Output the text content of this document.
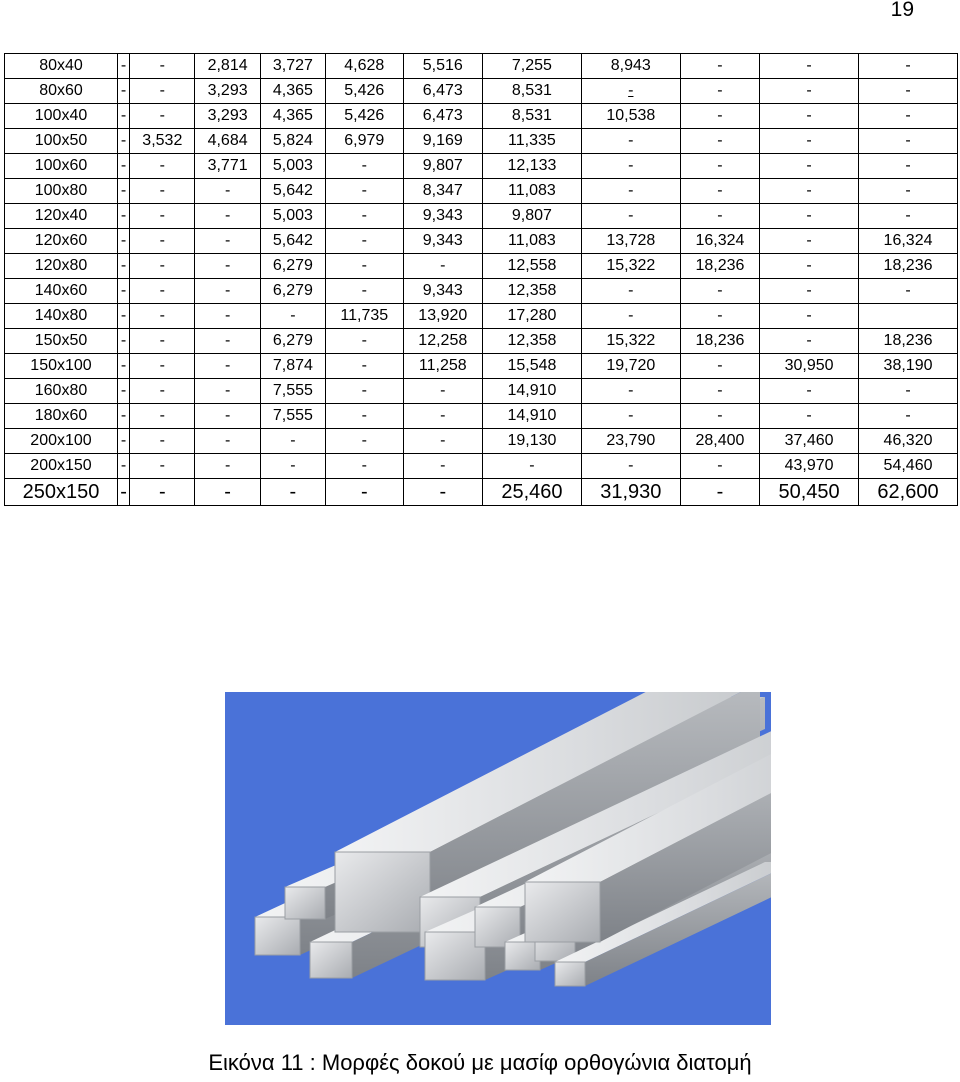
19
80x40	-	-	2,814	3,727	4,628	5,516	7,255	8,943	-	-	-
80x60	-	-	3,293	4,365	5,426	6,473	8,531	-	-	-	-
100x40	-	-	3,293	4,365	5,426	6,473	8,531	10,538	-	-	-
100x50	-	3,532	4,684	5,824	6,979	9,169	11,335	-	-	-	-
100x60	-	-	3,771	5,003	-	9,807	12,133	-	-	-	-
100x80	-	-	-	5,642	-	8,347	11,083	-	-	-	-
120x40	-	-	-	5,003	-	9,343	9,807	-	-	-	-
120x60	-	-	-	5,642	-	9,343	11,083	13,728	16,324	-	16,324
120x80	-	-	-	6,279	-	-	12,558	15,322	18,236	-	18,236
140x60	-	-	-	6,279	-	9,343	12,358	-	-	-	-
140x80	-	-	-	-	11,735	13,920	17,280	-	-	-	
150x50	-	-	-	6,279	-	12,258	12,358	15,322	18,236	-	18,236
150x100	-	-	-	7,874	-	11,258	15,548	19,720	-	30,950	38,190
160x80	-	-	-	7,555	-	-	14,910	-	-	-	-
180x60	-	-	-	7,555	-	-	14,910	-	-	-	-
200x100	-	-	-	-	-	-	19,130	23,790	28,400	37,460	46,320
200x150	-	-	-	-	-	-	-	-	-	43,970	54,460
250x150	-	-	-	-	-	-	25,460	31,930	-	50,450	62,600
Εικόνα 11 : Μορφές δοκού με μασίφ ορθογώνια διατομή
